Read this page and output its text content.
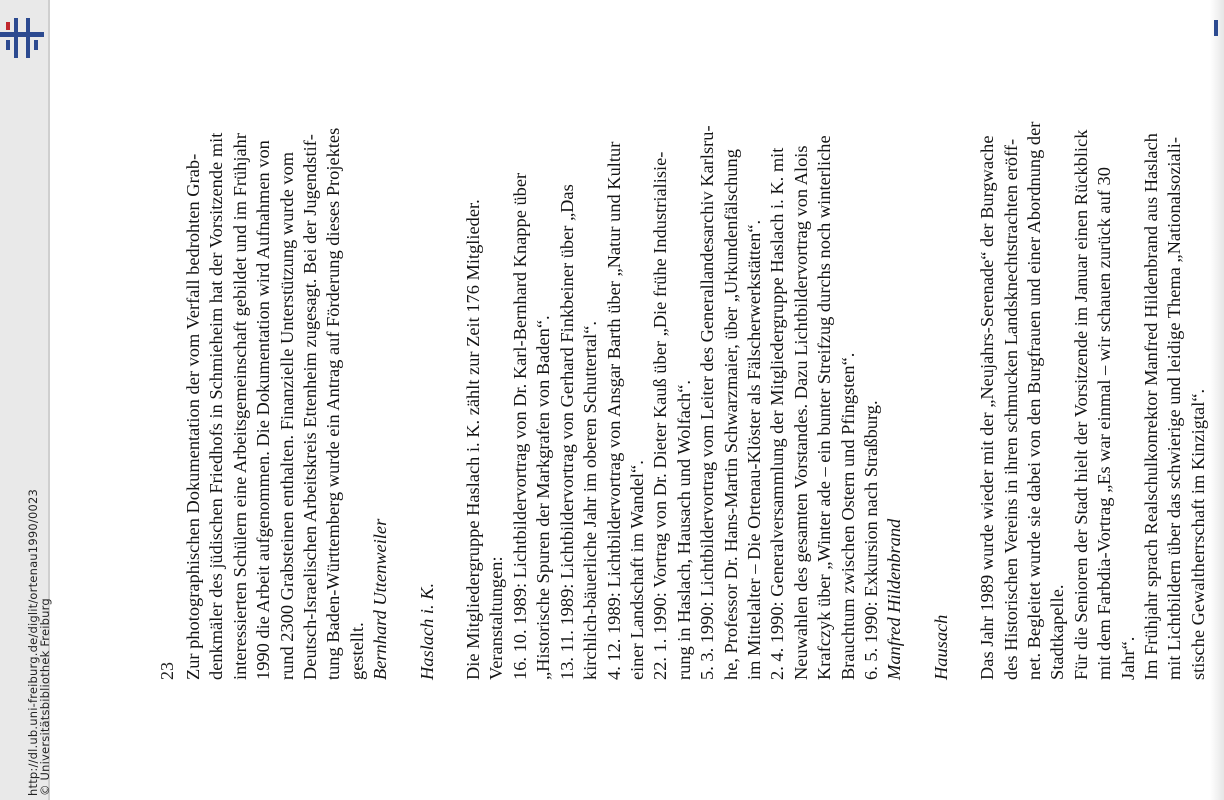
http://dl.ub.uni-freiburg.de/diglit/ortenau1990/0023
© Universitätsbibliothek Freiburg	23 Zur photographischen Dokumentation der vom Verfall bedrohten Grab- denkmäler des jüdischen Friedhofs in Schmieheim hat der Vorsitzende mit interessierten Schülern eine Arbeitsgemeinschaft gebildet und im Frühjahr 1990 die Arbeit aufgenommen. Die Dokumentation wird Aufnahmen von rund 2300 Grabsteinen enthalten. Finanzielle Unterstützung wurde vom Deutsch-Israelischen Arbeitskreis Ettenheim zugesagt. Bei der Jugendstif- tung Baden-Württemberg wurde ein Antrag auf Förderung dieses Projektes gestellt. Bernhard Uttenweiler Haslach i. K. Die Mitgliedergruppe Haslach i. K. zählt zur Zeit 176 Mitglieder. Veranstaltungen: 16. 10. 1989: Lichtbildervortrag von Dr. Karl-Bernhard Knappe über „Historische Spuren der Markgrafen von Baden“. 13. 11. 1989: Lichtbildervortrag von Gerhard Finkbeiner über „Das kirchlich-bäuerliche Jahr im oberen Schuttertal“. 4. 12. 1989: Lichtbildervortrag von Ansgar Barth über „Natur und Kultur einer Landschaft im Wandel“. 22. 1. 1990: Vortrag von Dr. Dieter Kauß über „Die frühe Industrialisie- rung in Haslach, Hausach und Wolfach“. 5. 3. 1990: Lichtbildervortrag vom Leiter des Generallandesarchiv Karlsru- he, Professor Dr. Hans-Martin Schwarzmaier, über „Urkundenfälschung im Mittelalter – Die Ortenau-Klöster als Fälscherwerkstätten“. 2. 4. 1990: Generalversammlung der Mitgliedergruppe Haslach i. K. mit Neuwahlen des gesamten Vorstandes. Dazu Lichtbildervortrag von Alois Krafczyk über „Winter ade – ein bunter Streifzug durchs noch winterliche Brauchtum zwischen Ostern und Pfingsten“. 6. 5. 1990: Exkursion nach Straßburg. Manfred Hildenbrand Hausach Das Jahr 1989 wurde wieder mit der „Neujahrs-Serenade“ der Burgwache des Historischen Vereins in ihren schmucken Landsknechtstrachten eröff- net. Begleitet wurde sie dabei von den Burgfrauen und einer Abordnung der Stadtkapelle. Für die Senioren der Stadt hielt der Vorsitzende im Januar einen Rückblick mit dem Farbdia-Vortrag „Es war einmal – wir schauen zurück auf 30 Jahr“. Im Frühjahr sprach Realschulkonrektor Manfred Hildenbrand aus Haslach mit Lichtbildern über das schwierige und leidige Thema „Nationalsoziali- stische Gewaltherrschaft im Kinzigtal“.
